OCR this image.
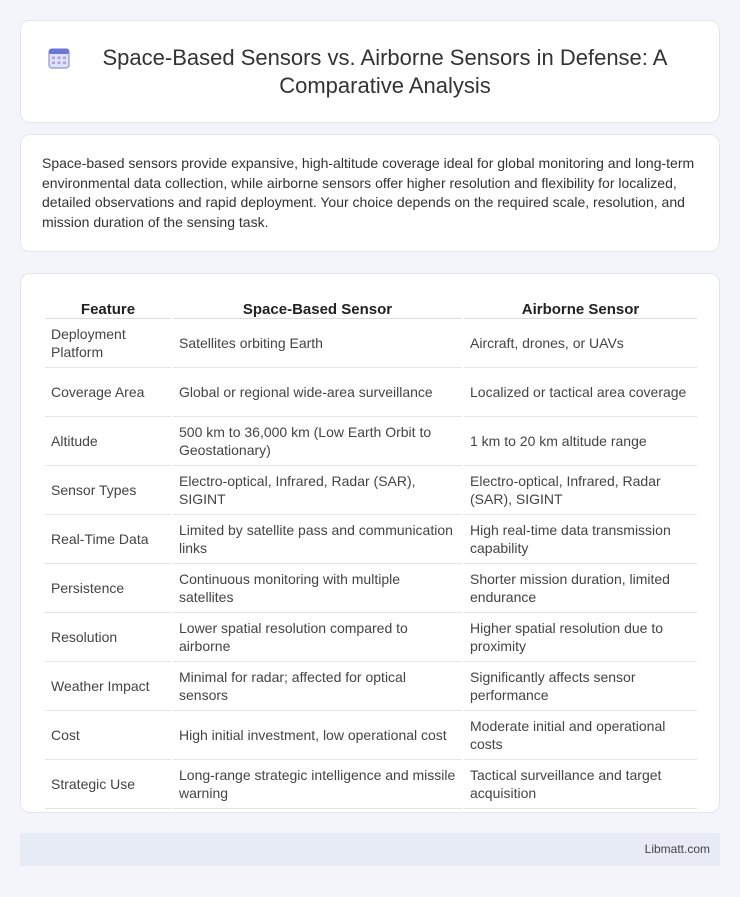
Space-Based Sensors vs. Airborne Sensors in Defense: A Comparative Analysis

Space-based sensors provide expansive, high-altitude coverage ideal for global monitoring and long-term environmental data collection, while airborne sensors offer higher resolution and flexibility for localized, detailed observations and rapid deployment. Your choice depends on the required scale, resolution, and mission duration of the sensing task.

Feature	Space-Based Sensor	Airborne Sensor
Deployment Platform	Satellites orbiting Earth	Aircraft, drones, or UAVs
Coverage Area	Global or regional wide-area surveillance	Localized or tactical area coverage
Altitude	500 km to 36,000 km (Low Earth Orbit to Geostationary)	1 km to 20 km altitude range
Sensor Types	Electro-optical, Infrared, Radar (SAR), SIGINT	Electro-optical, Infrared, Radar (SAR), SIGINT
Real-Time Data	Limited by satellite pass and communication links	High real-time data transmission capability
Persistence	Continuous monitoring with multiple satellites	Shorter mission duration, limited endurance
Resolution	Lower spatial resolution compared to airborne	Higher spatial resolution due to proximity
Weather Impact	Minimal for radar; affected for optical sensors	Significantly affects sensor performance
Cost	High initial investment, low operational cost	Moderate initial and operational costs
Strategic Use	Long-range strategic intelligence and missile warning	Tactical surveillance and target acquisition
Libmatt.com
